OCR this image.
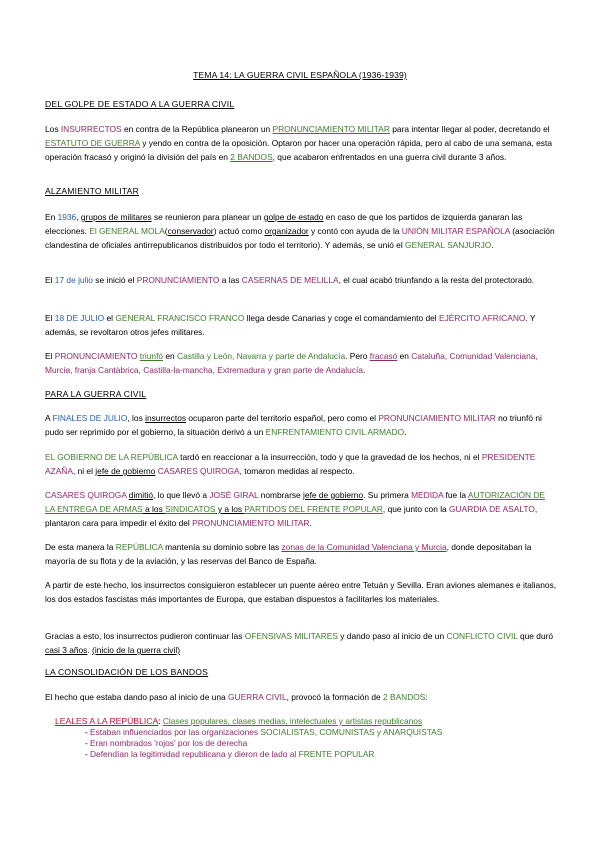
TEMA 14: LA GUERRA CIVIL ESPAÑOLA (1936-1939)
DEL GOLPE DE ESTADO A LA GUERRA CIVIL
Los INSURRECTOS en contra de la República planearon un PRONUNCIAMIENTO MILITAR para intentar llegar al poder, decretando el ESTATUTO DE GUERRA y yendo en contra de la oposición. Optaron por hacer una operación rápida, pero al cabo de una semana, esta operación fracasó y originó la división del país en 2 BANDOS, que acabaron enfrentados en una guerra civil durante 3 años.
ALZAMIENTO MILITAR
En 1936, grupos de militares se reunieron para planear un golpe de estado en caso de que los partidos de izquierda ganaran las elecciones. El GENERAL MOLA(conservador) actuó como organizador y contó con ayuda de la UNIÓN MILITAR ESPAÑOLA (asociación clandestina de oficiales antirrepublicanos distribuidos por todo el territorio). Y además, se unió el GENERAL SANJURJO.
El 17 de julio se inició el PRONUNCIAMIENTO a las CASERNAS DE MELILLA, el cual acabó triunfando a la resta del protectorado.
El 18 DE JULIO el GENERAL FRANCISCO FRANCO llega desde Canarias y coge el comandamiento del EJÉRCITO AFRICANO. Y además, se revoltaron otros jefes militares.
El PRONUNCIAMIENTO triunfó en Castilla y León, Navarra y parte de Andalucía. Pero fracasó en Cataluña, Comunidad Valenciana, Murcia, franja Cantàbrica, Castilla-la-mancha, Extremadura y gran parte de Andalucía.
PARA LA GUERRA CIVIL
A FINALES DE JULIO, los insurrectos ocuparon parte del territorio español, pero como el PRONUNCIAMIENTO MILITAR no triunfó ni pudo ser reprimido por el gobierno, la situación derivó a un ENFRENTAMIENTO CIVIL ARMADO.
EL GOBIERNO DE LA REPÚBLICA tardó en reaccionar a la insurrección, todo y que la gravedad de los hechos, ni el PRESIDENTE AZAÑA, ni el jefe de gobierno CASARES QUIROGA, tomaron medidas al respecto.
CASARES QUIROGA dimitió, lo que llevó a JOSÉ GIRAL nombrarse jefe de gobierno. Su primera MEDIDA fue la AUTORIZACIÓN DE LA ENTREGA DE ARMAS a los SINDICATOS y a los PARTIDOS DEL FRENTE POPULAR, que junto con la GUARDIA DE ASALTO, plantaron cara para impedir el éxito del PRONUNCIAMIENTO MILITAR.
De esta manera la REPÚBLICA mantenía su dominio sobre las zonas de la Comunidad Valenciana y Murcia, donde depositaban la mayoría de su flota y de la aviación, y las reservas del Banco de España.
A partir de este hecho, los insurrectos consiguieron establecer un puente aéreo entre Tetuán y Sevilla. Eran aviones alemanes e italianos, los dos estados fascistas más importantes de Europa, que estaban dispuestos a facilitarles los materiales.
Gracias a esto, los insurrectos pudieron continuar las OFENSIVAS MILITARES y dando paso al inicio de un CONFLICTO CIVIL que duró casi 3 años. (inicio de la guerra civil)
LA CONSOLIDACIÓN DE LOS BANDOS
El hecho que estaba dando paso al inicio de una GUERRA CIVIL, provocó la formación de 2 BANDOS:
LEALES A LA REPÚBLICA: Clases populares, clases medias, intelectuales y artistas republicanos
- Estaban influenciados por las organizaciones SOCIALISTAS, COMUNISTAS y ANARQUISTAS
- Eran nombrados 'rojos' por los de derecha
- Defendían la legitimidad republicana y dieron de lado al FRENTE POPULAR
